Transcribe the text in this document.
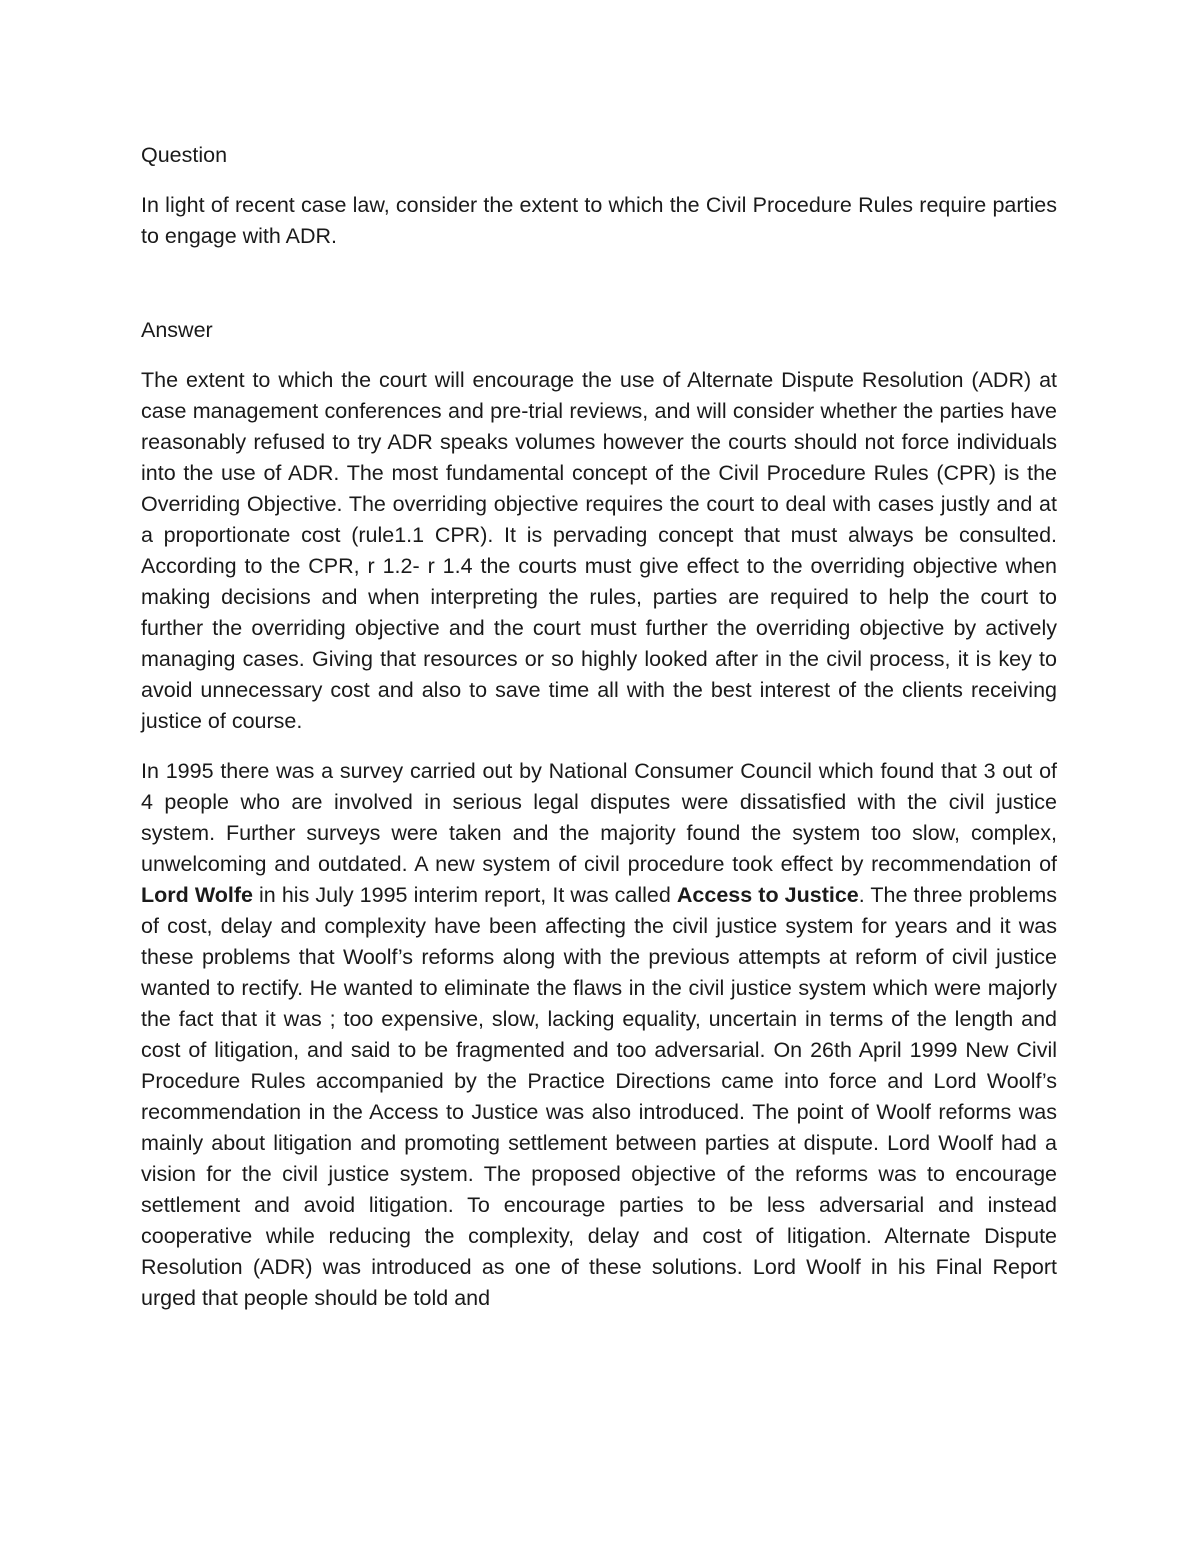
Question

In light of recent case law, consider the extent to which the Civil Procedure Rules require parties to engage with ADR.

Answer

The extent to which the court will encourage the use of Alternate Dispute Resolution (ADR) at case management conferences and pre-trial reviews, and will consider whether the parties have reasonably refused to try ADR speaks volumes however the courts should not force individuals into the use of ADR. The most fundamental concept of the Civil Procedure Rules (CPR) is the Overriding Objective. The overriding objective requires the court to deal with cases justly and at a proportionate cost (rule1.1 CPR). It is pervading concept that must always be consulted. According to the CPR, r 1.2- r 1.4 the courts must give effect to the overriding objective when making decisions and when interpreting the rules, parties are required to help the court to further the overriding objective and the court must further the overriding objective by actively managing cases. Giving that resources or so highly looked after in the civil process, it is key to avoid unnecessary cost and also to save time all with the best interest of the clients receiving justice of course.

In 1995 there was a survey carried out by National Consumer Council which found that 3 out of 4 people who are involved in serious legal disputes were dissatisfied with the civil justice system. Further surveys were taken and the majority found the system too slow, complex, unwelcoming and outdated. A new system of civil procedure took effect by recommendation of Lord Wolfe in his July 1995 interim report, It was called Access to Justice. The three problems of cost, delay and complexity have been affecting the civil justice system for years and it was these problems that Woolf’s reforms along with the previous attempts at reform of civil justice wanted to rectify. He wanted to eliminate the flaws in the civil justice system which were majorly the fact that it was ; too expensive, slow, lacking equality, uncertain in terms of the length and cost of litigation, and said to be fragmented and too adversarial. On 26th April 1999 New Civil Procedure Rules accompanied by the Practice Directions came into force and Lord Woolf’s recommendation in the Access to Justice was also introduced. The point of Woolf reforms was mainly about litigation and promoting settlement between parties at dispute. Lord Woolf had a vision for the civil justice system. The proposed objective of the reforms was to encourage settlement and avoid litigation. To encourage parties to be less adversarial and instead cooperative while reducing the complexity, delay and cost of litigation. Alternate Dispute Resolution (ADR) was introduced as one of these solutions. Lord Woolf in his Final Report urged that people should be told and
